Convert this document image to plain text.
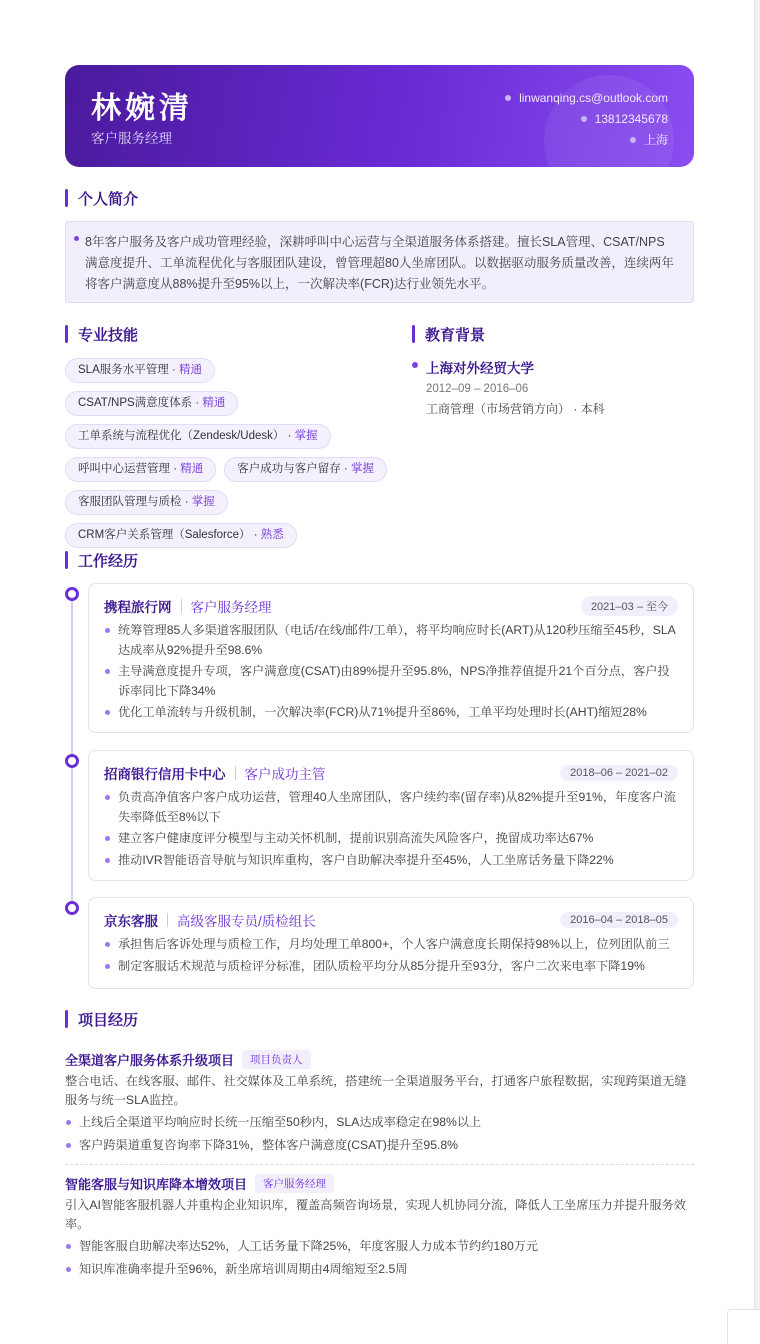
林婉清
客户服务经理
linwanqing.cs@outlook.com
13812345678
上海
个人简介

8年客户服务及客户成功管理经验，深耕呼叫中心运营与全渠道服务体系搭建。擅长SLA管理、CSAT/NPS满意度提升、工单流程优化与客服团队建设，曾管理超80人坐席团队。以数据驱动服务质量改善，连续两年将客户满意度从88%提升至95%以上，一次解决率(FCR)达行业领先水平。

专业技能
SLA服务水平管理 · 精通
CSAT/NPS满意度体系 · 精通
工单系统与流程优化（Zendesk/Udesk） · 掌握
呼叫中心运营管理 · 精通	客户成功与客户留存 · 掌握
客服团队管理与质检 · 掌握
CRM客户关系管理（Salesforce） · 熟悉
教育背景
上海对外经贸大学
2012–09 – 2016–06
工商管理（市场营销方向） · 本科
工作经历
携程旅行网 客户服务经理	2021–03 – 至今
统筹管理85人多渠道客服团队（电话/在线/邮件/工单），将平均响应时长(ART)从120秒压缩至45秒，SLA达成率从92%提升至98.6%
主导满意度提升专项，客户满意度(CSAT)由89%提升至95.8%，NPS净推荐值提升21个百分点，客户投诉率同比下降34%
优化工单流转与升级机制，一次解决率(FCR)从71%提升至86%，工单平均处理时长(AHT)缩短28%
招商银行信用卡中心 客户成功主管	2018–06 – 2021–02
负责高净值客户客户成功运营，管理40人坐席团队，客户续约率(留存率)从82%提升至91%，年度客户流失率降低至8%以下
建立客户健康度评分模型与主动关怀机制，提前识别高流失风险客户，挽留成功率达67%
推动IVR智能语音导航与知识库重构，客户自助解决率提升至45%，人工坐席话务量下降22%
京东客服 高级客服专员/质检组长	2016–04 – 2018–05
承担售后客诉处理与质检工作，月均处理工单800+，个人客户满意度长期保持98%以上，位列团队前三
制定客服话术规范与质检评分标准，团队质检平均分从85分提升至93分，客户二次来电率下降19%
项目经历
全渠道客户服务体系升级项目	项目负责人
整合电话、在线客服、邮件、社交媒体及工单系统，搭建统一全渠道服务平台，打通客户旅程数据，实现跨渠道无缝服务与统一SLA监控。
上线后全渠道平均响应时长统一压缩至50秒内，SLA达成率稳定在98%以上
客户跨渠道重复咨询率下降31%，整体客户满意度(CSAT)提升至95.8%
智能客服与知识库降本增效项目	客户服务经理
引入AI智能客服机器人并重构企业知识库，覆盖高频咨询场景，实现人机协同分流，降低人工坐席压力并提升服务效率。
智能客服自助解决率达52%，人工话务量下降25%，年度客服人力成本节约约180万元
知识库准确率提升至96%，新坐席培训周期由4周缩短至2.5周
